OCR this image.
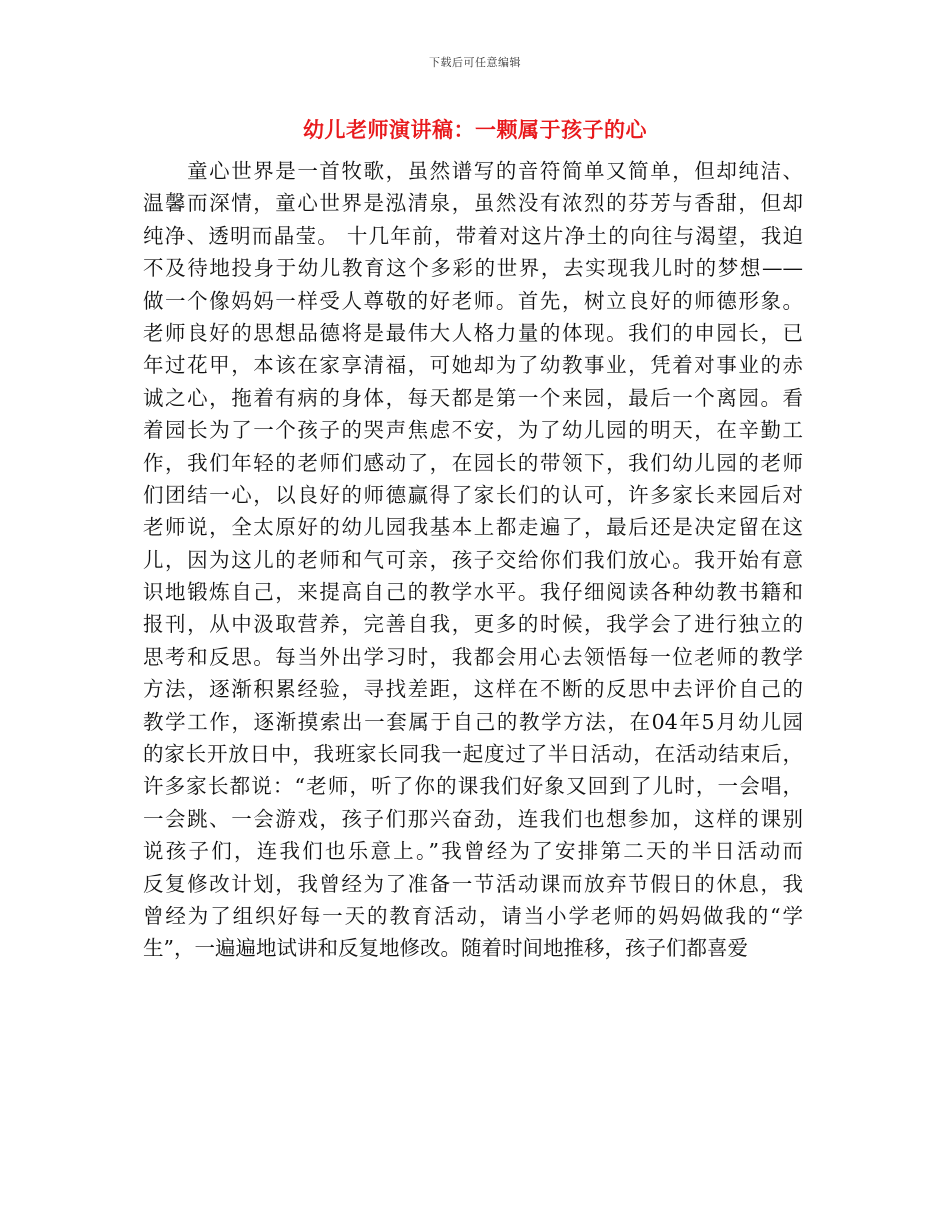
下载后可任意编辑
幼儿老师演讲稿：一颗属于孩子的心
　　童心世界是一首牧歌，虽然谱写的音符简单又简单，但却纯洁、
温馨而深情，童心世界是泓清泉，虽然没有浓烈的芬芳与香甜，但却
纯净、透明而晶莹。 十几年前，带着对这片净土的向往与渴望，我迫
不及待地投身于幼儿教育这个多彩的世界，去实现我儿时的梦想——
做一个像妈妈一样受人尊敬的好老师。首先，树立良好的师德形象。
老师良好的思想品德将是最伟大人格力量的体现。我们的申园长，已
年过花甲，本该在家享清福，可她却为了幼教事业，凭着对事业的赤
诚之心，拖着有病的身体，每天都是第一个来园，最后一个离园。看
着园长为了一个孩子的哭声焦虑不安，为了幼儿园的明天，在辛勤工
作，我们年轻的老师们感动了，在园长的带领下，我们幼儿园的老师
们团结一心，以良好的师德赢得了家长们的认可，许多家长来园后对
老师说，全太原好的幼儿园我基本上都走遍了，最后还是决定留在这
儿，因为这儿的老师和气可亲，孩子交给你们我们放心。我开始有意
识地锻炼自己，来提高自己的教学水平。我仔细阅读各种幼教书籍和
报刊，从中汲取营养，完善自我，更多的时候，我学会了进行独立的
思考和反思。每当外出学习时，我都会用心去领悟每一位老师的教学
方法，逐渐积累经验，寻找差距，这样在不断的反思中去评价自己的
教学工作，逐渐摸索出一套属于自己的教学方法，在04年5月幼儿园
的家长开放日中，我班家长同我一起度过了半日活动，在活动结束后，
许多家长都说：“老师，听了你的课我们好象又回到了儿时，一会唱，
一会跳、一会游戏，孩子们那兴奋劲，连我们也想参加，这样的课别
说孩子们，连我们也乐意上。”我曾经为了安排第二天的半日活动而
反复修改计划，我曾经为了准备一节活动课而放弃节假日的休息，我
曾经为了组织好每一天的教育活动，请当小学老师的妈妈做我的“学
生”，一遍遍地试讲和反复地修改。随着时间地推移，孩子们都喜爱
